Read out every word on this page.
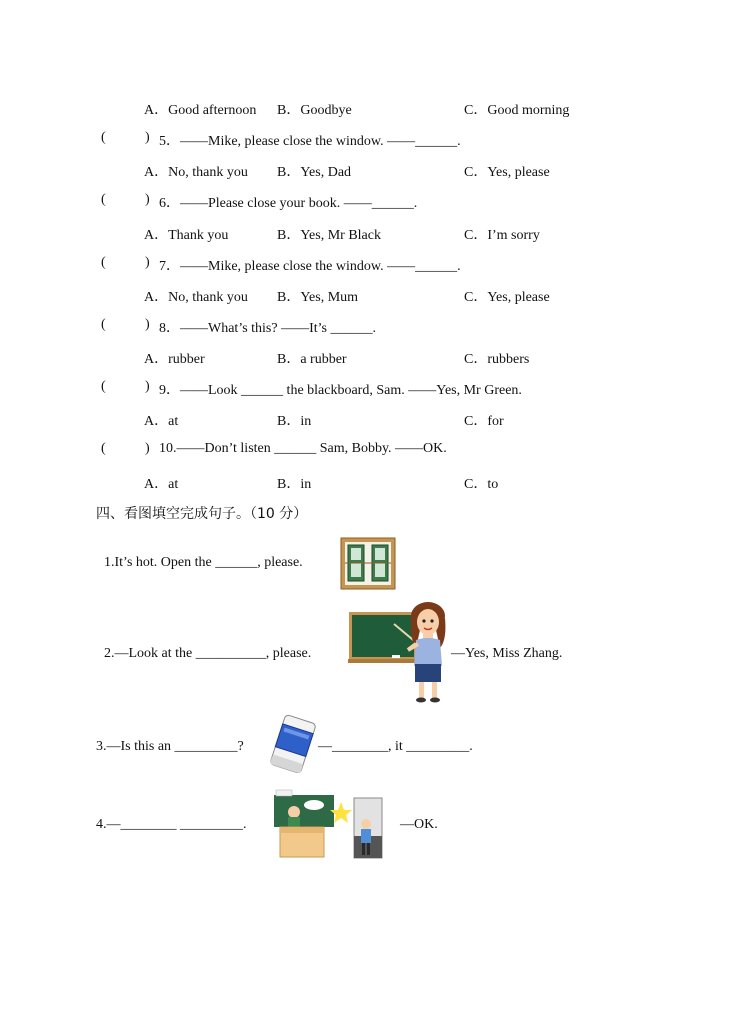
A．Good afternoon B．Goodbye	C．Good morning
(	) 5．——Mike, please close the window. ——______.
A．No, thank you B．Yes, Dad	C．Yes, please
(	) 6．——Please close your book. ——______.
A．Thank you	B．Yes, Mr Black	C．I’m sorry
(	) 7．——Mike, please close the window. ——______.
A．No, thank you B．Yes, Mum	C．Yes, please
(	) 8．——What’s this? ——It’s ______.
A．rubber	B．a rubber	C．rubbers
(	) 9．——Look ______ the blackboard, Sam. ——Yes, Mr Green.
A．at	B．in	C．for
(	) 10.——Don’t listen ______ Sam, Bobby. ——OK.
A．at	B．in	C．to
四、看图填空完成句子。（10 分）
1.It’s hot. Open the ______, please.
2.—Look at the __________, please.	—Yes, Miss Zhang.
3.—Is this an _________?	—________, it _________.
4.—________ _________.	—OK.
